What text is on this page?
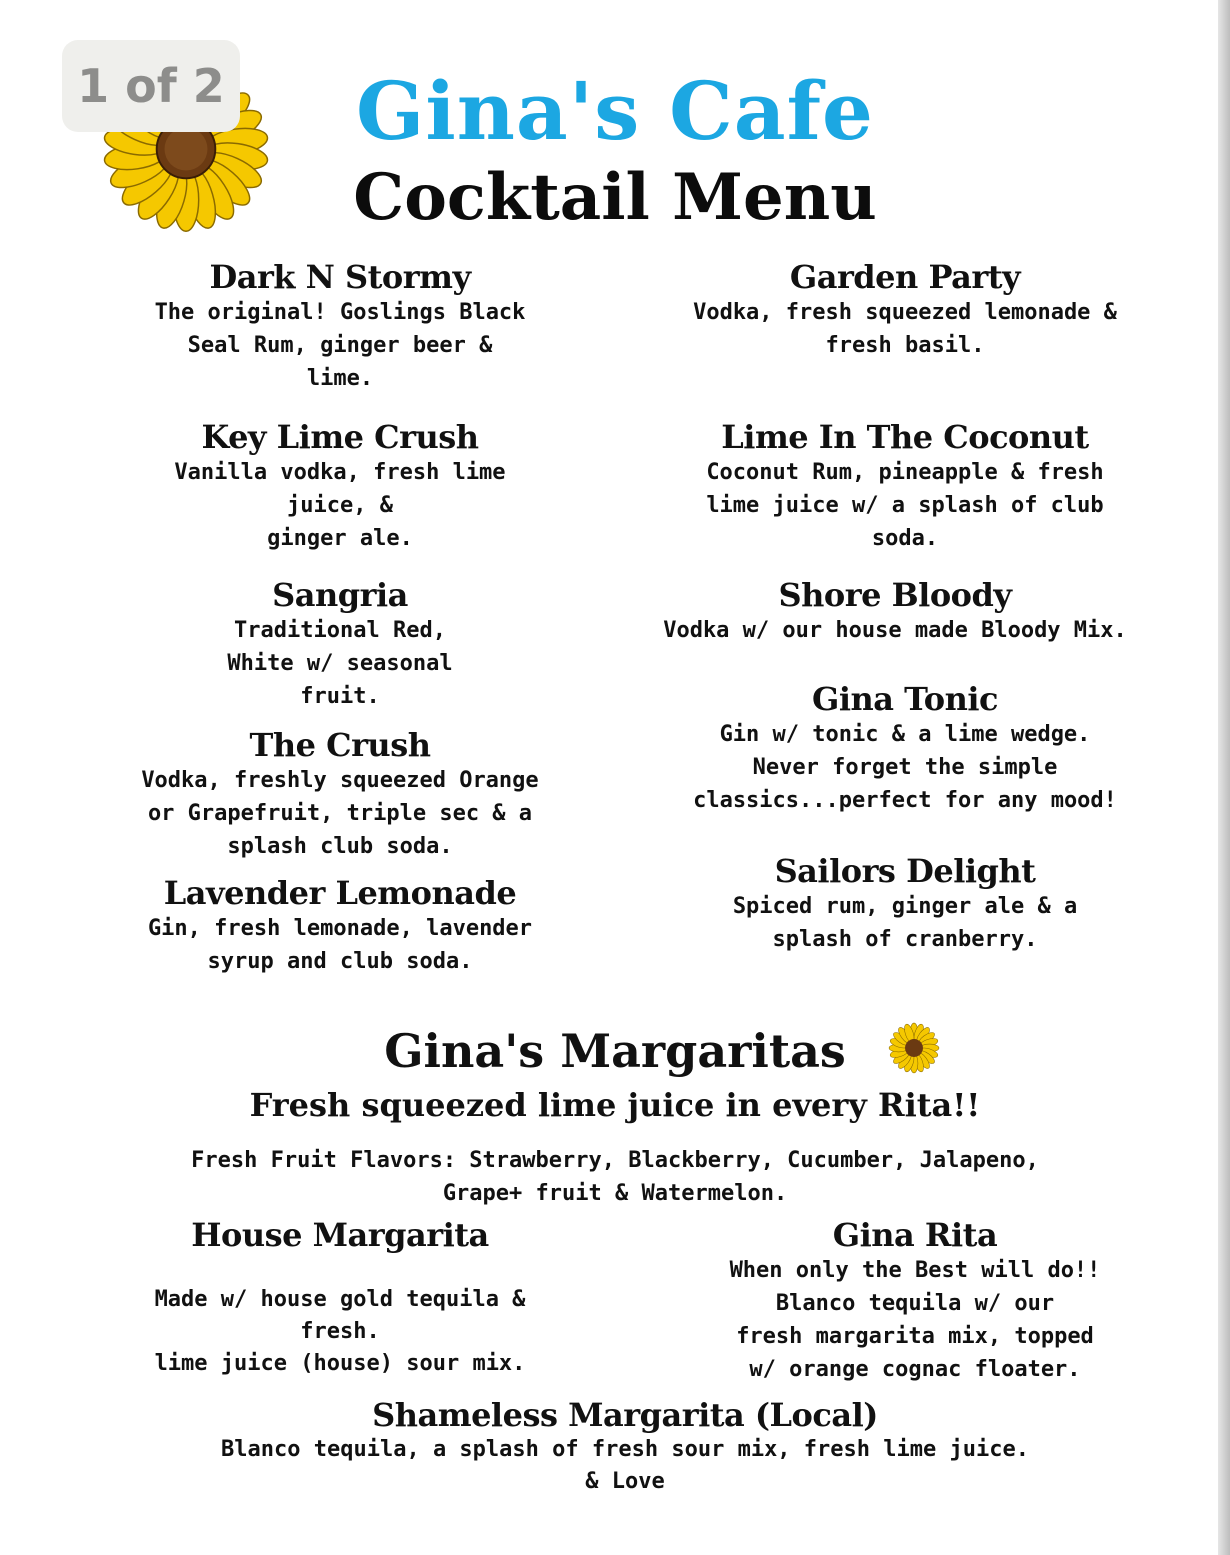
1 of 2	Gina's Cafe
Cocktail Menu
Dark N Stormy

The original! Goslings Black
Seal Rum, ginger beer &
lime.

Key Lime Crush

Vanilla vodka, fresh lime
juice, &
ginger ale.

Sangria

Traditional Red,
White w/ seasonal
fruit.

The Crush

Vodka, freshly squeezed Orange
or Grapefruit, triple sec & a
splash club soda.

Lavender Lemonade

Gin, fresh lemonade, lavender
syrup and club soda.

Garden Party

Vodka, fresh squeezed lemonade &
fresh basil.

Lime In The Coconut

Coconut Rum, pineapple & fresh
lime juice w/ a splash of club
soda.

Shore Bloody

Vodka w/ our house made Bloody Mix.

Gina Tonic

Gin w/ tonic & a lime wedge.
Never forget the simple
classics...perfect for any mood!

Sailors Delight

Spiced rum, ginger ale & a
splash of cranberry.

Gina's Margaritas
Fresh squeezed lime juice in every Rita!!
Fresh Fruit Flavors: Strawberry, Blackberry, Cucumber, Jalapeno,
Grape+ fruit & Watermelon.
House Margarita

Made w/ house gold tequila &
fresh.
lime juice (house) sour mix.

Gina Rita

When only the Best will do!!
Blanco tequila w/ our
fresh margarita mix, topped
w/ orange cognac floater.

Shameless Margarita (Local)

Blanco tequila, a splash of fresh sour mix, fresh lime juice.
& Love
